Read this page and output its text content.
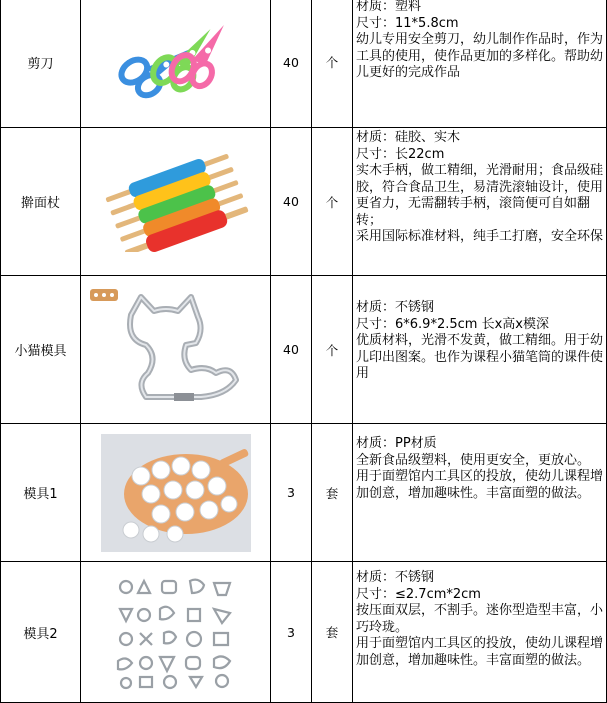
剪刀		40	个	材质：塑料
尺寸：11*5.8cm
幼儿专用安全剪刀，幼儿制作作品时，作为工具的使用，使作品更加的多样化。帮助幼儿更好的完成作品

擀面杖		40	个	材质：硅胶、实木
尺寸：长22cm
实木手柄，做工精细，光滑耐用；食品级硅胶，符合食品卫生，易清洗滚轴设计，使用更省力，无需翻转手柄，滚筒便可自如翻转；
采用国际标准材料，纯手工打磨，安全环保

小猫模具		40	个	材质：不锈钢
尺寸：6*6.9*2.5cm 长x高x模深
优质材料，光滑不发黄，做工精细。用于幼儿印出图案。也作为课程小猫笔筒的课件使用

模具1		3	套	材质：PP材质
全新食品级塑料，使用更安全，更放心。
用于面塑馆内工具区的投放，使幼儿课程增加创意，增加趣味性。丰富面塑的做法。

模具2		3	套	材质：不锈钢
尺寸：≤2.7cm*2cm
按压面双层，不割手。迷你型造型丰富，小巧玲珑。
用于面塑馆内工具区的投放，使幼儿课程增加创意，增加趣味性。丰富面塑的做法。
